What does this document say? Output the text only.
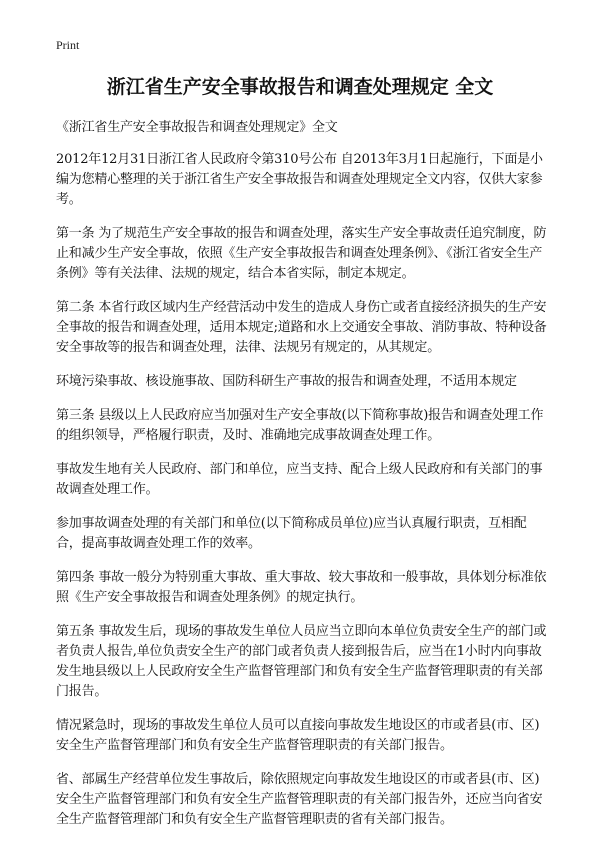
Print
浙江省生产安全事故报告和调查处理规定 全文

《浙江省生产安全事故报告和调查处理规定》全文

2012年12月31日浙江省人民政府令第310号公布 自2013年3月1日起施行，下面是小编为您精心整理的关于浙江省生产安全事故报告和调查处理规定全文内容，仅供大家参考。

第一条 为了规范生产安全事故的报告和调查处理，落实生产安全事故责任追究制度，防止和减少生产安全事故，依照《生产安全事故报告和调查处理条例》、《浙江省安全生产条例》等有关法律、法规的规定，结合本省实际，制定本规定。

第二条 本省行政区域内生产经营活动中发生的造成人身伤亡或者直接经济损失的生产安全事故的报告和调查处理，适用本规定;道路和水上交通安全事故、消防事故、特种设备安全事故等的报告和调查处理，法律、法规另有规定的，从其规定。

环境污染事故、核设施事故、国防科研生产事故的报告和调查处理，不适用本规定

第三条 县级以上人民政府应当加强对生产安全事故(以下简称事故)报告和调查处理工作的组织领导，严格履行职责，及时、准确地完成事故调查处理工作。

事故发生地有关人民政府、部门和单位，应当支持、配合上级人民政府和有关部门的事故调查处理工作。

参加事故调查处理的有关部门和单位(以下简称成员单位)应当认真履行职责，互相配合，提高事故调查处理工作的效率。

第四条 事故一般分为特别重大事故、重大事故、较大事故和一般事故，具体划分标准依照《生产安全事故报告和调查处理条例》的规定执行。

第五条 事故发生后，现场的事故发生单位人员应当立即向本单位负责安全生产的部门或者负责人报告,单位负责安全生产的部门或者负责人接到报告后，应当在1小时内向事故发生地县级以上人民政府安全生产监督管理部门和负有安全生产监督管理职责的有关部门报告。

情况紧急时，现场的事故发生单位人员可以直接向事故发生地设区的市或者县(市、区)安全生产监督管理部门和负有安全生产监督管理职责的有关部门报告。

省、部属生产经营单位发生事故后，除依照规定向事故发生地设区的市或者县(市、区)安全生产监督管理部门和负有安全生产监督管理职责的有关部门报告外，还应当向省安全生产监督管理部门和负有安全生产监督管理职责的省有关部门报告。
